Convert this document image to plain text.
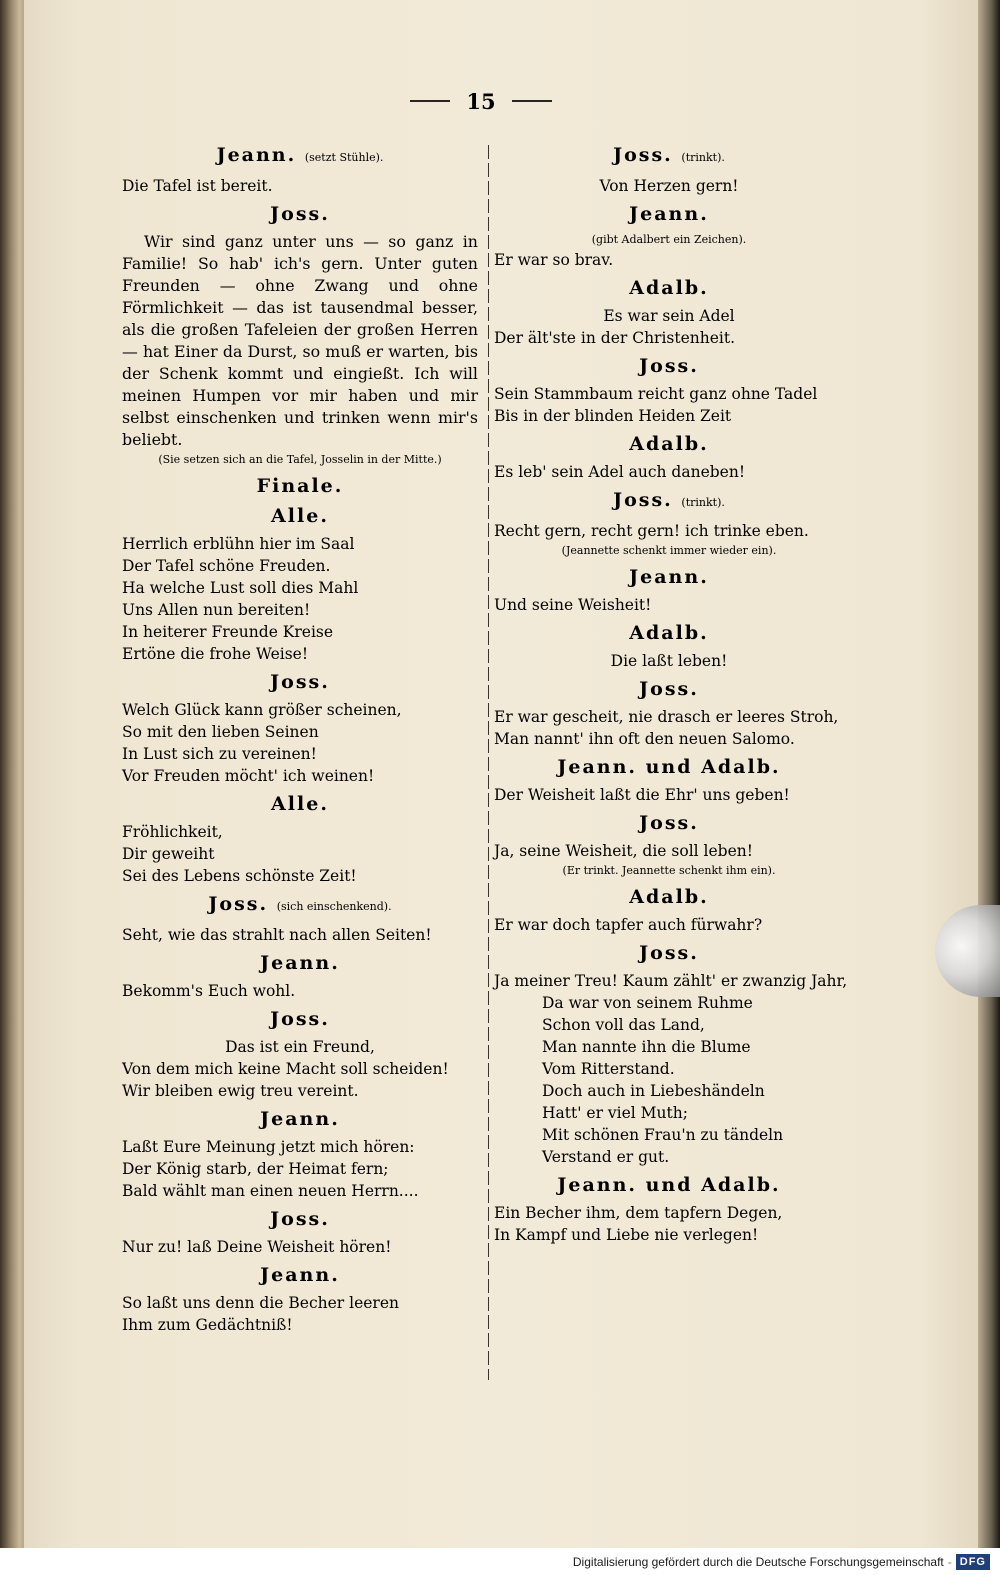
15
Jeann. (setzt Stühle).
Die Tafel ist bereit.
Joss.

Wir sind ganz unter uns — so ganz in Familie! So hab' ich's gern. Unter guten Freunden — ohne Zwang und ohne Förmlichkeit — das ist tausendmal besser, als die großen Tafeleien der großen Herren — hat Einer da Durst, so muß er warten, bis der Schenk kommt und eingießt. Ich will meinen Humpen vor mir haben und mir selbst einschenken und trinken wenn mir's beliebt.

(Sie setzen sich an die Tafel, Josselin in der Mitte.)
Finale.
Alle.
Herrlich erblühn hier im Saal
Der Tafel schöne Freuden.
Ha welche Lust soll dies Mahl
Uns Allen nun bereiten!
In heiterer Freunde Kreise
Ertöne die frohe Weise!
Joss.
Welch Glück kann größer scheinen,
So mit den lieben Seinen
In Lust sich zu vereinen!
Vor Freuden möcht' ich weinen!
Alle.
Fröhlichkeit,
Dir geweiht
Sei des Lebens schönste Zeit!
Joss. (sich einschenkend).
Seht, wie das strahlt nach allen Seiten!
Jeann.
Bekomm's Euch wohl.
Joss.
Das ist ein Freund,
Von dem mich keine Macht soll scheiden!
Wir bleiben ewig treu vereint.
Jeann.
Laßt Eure Meinung jetzt mich hören:
Der König starb, der Heimat fern;
Bald wählt man einen neuen Herrn....
Joss.
Nur zu! laß Deine Weisheit hören!
Jeann.
So laßt uns denn die Becher leeren
Ihm zum Gedächtniß!
Joss. (trinkt).
Von Herzen gern!
Jeann.
(gibt Adalbert ein Zeichen).
Er war so brav.
Adalb.
Es war sein Adel
Der ält'ste in der Christenheit.
Joss.
Sein Stammbaum reicht ganz ohne Tadel
Bis in der blinden Heiden Zeit
Adalb.
Es leb' sein Adel auch daneben!
Joss. (trinkt).
Recht gern, recht gern! ich trinke eben.
(Jeannette schenkt immer wieder ein).
Jeann.
Und seine Weisheit!
Adalb.
Die laßt leben!
Joss.
Er war gescheit, nie drasch er leeres Stroh,
Man nannt' ihn oft den neuen Salomo.
Jeann. und Adalb.
Der Weisheit laßt die Ehr' uns geben!
Joss.
Ja, seine Weisheit, die soll leben!
(Er trinkt. Jeannette schenkt ihm ein).
Adalb.
Er war doch tapfer auch fürwahr?
Joss.
Ja meiner Treu! Kaum zählt' er zwanzig Jahr,
Da war von seinem Ruhme
Schon voll das Land,
Man nannte ihn die Blume
Vom Ritterstand.
Doch auch in Liebeshändeln
Hatt' er viel Muth;
Mit schönen Frau'n zu tändeln
Verstand er gut.
Jeann. und Adalb.
Ein Becher ihm, dem tapfern Degen,
In Kampf und Liebe nie verlegen!
Digitalisierung gefördert durch die Deutsche Forschungsgemeinschaft - DFG
